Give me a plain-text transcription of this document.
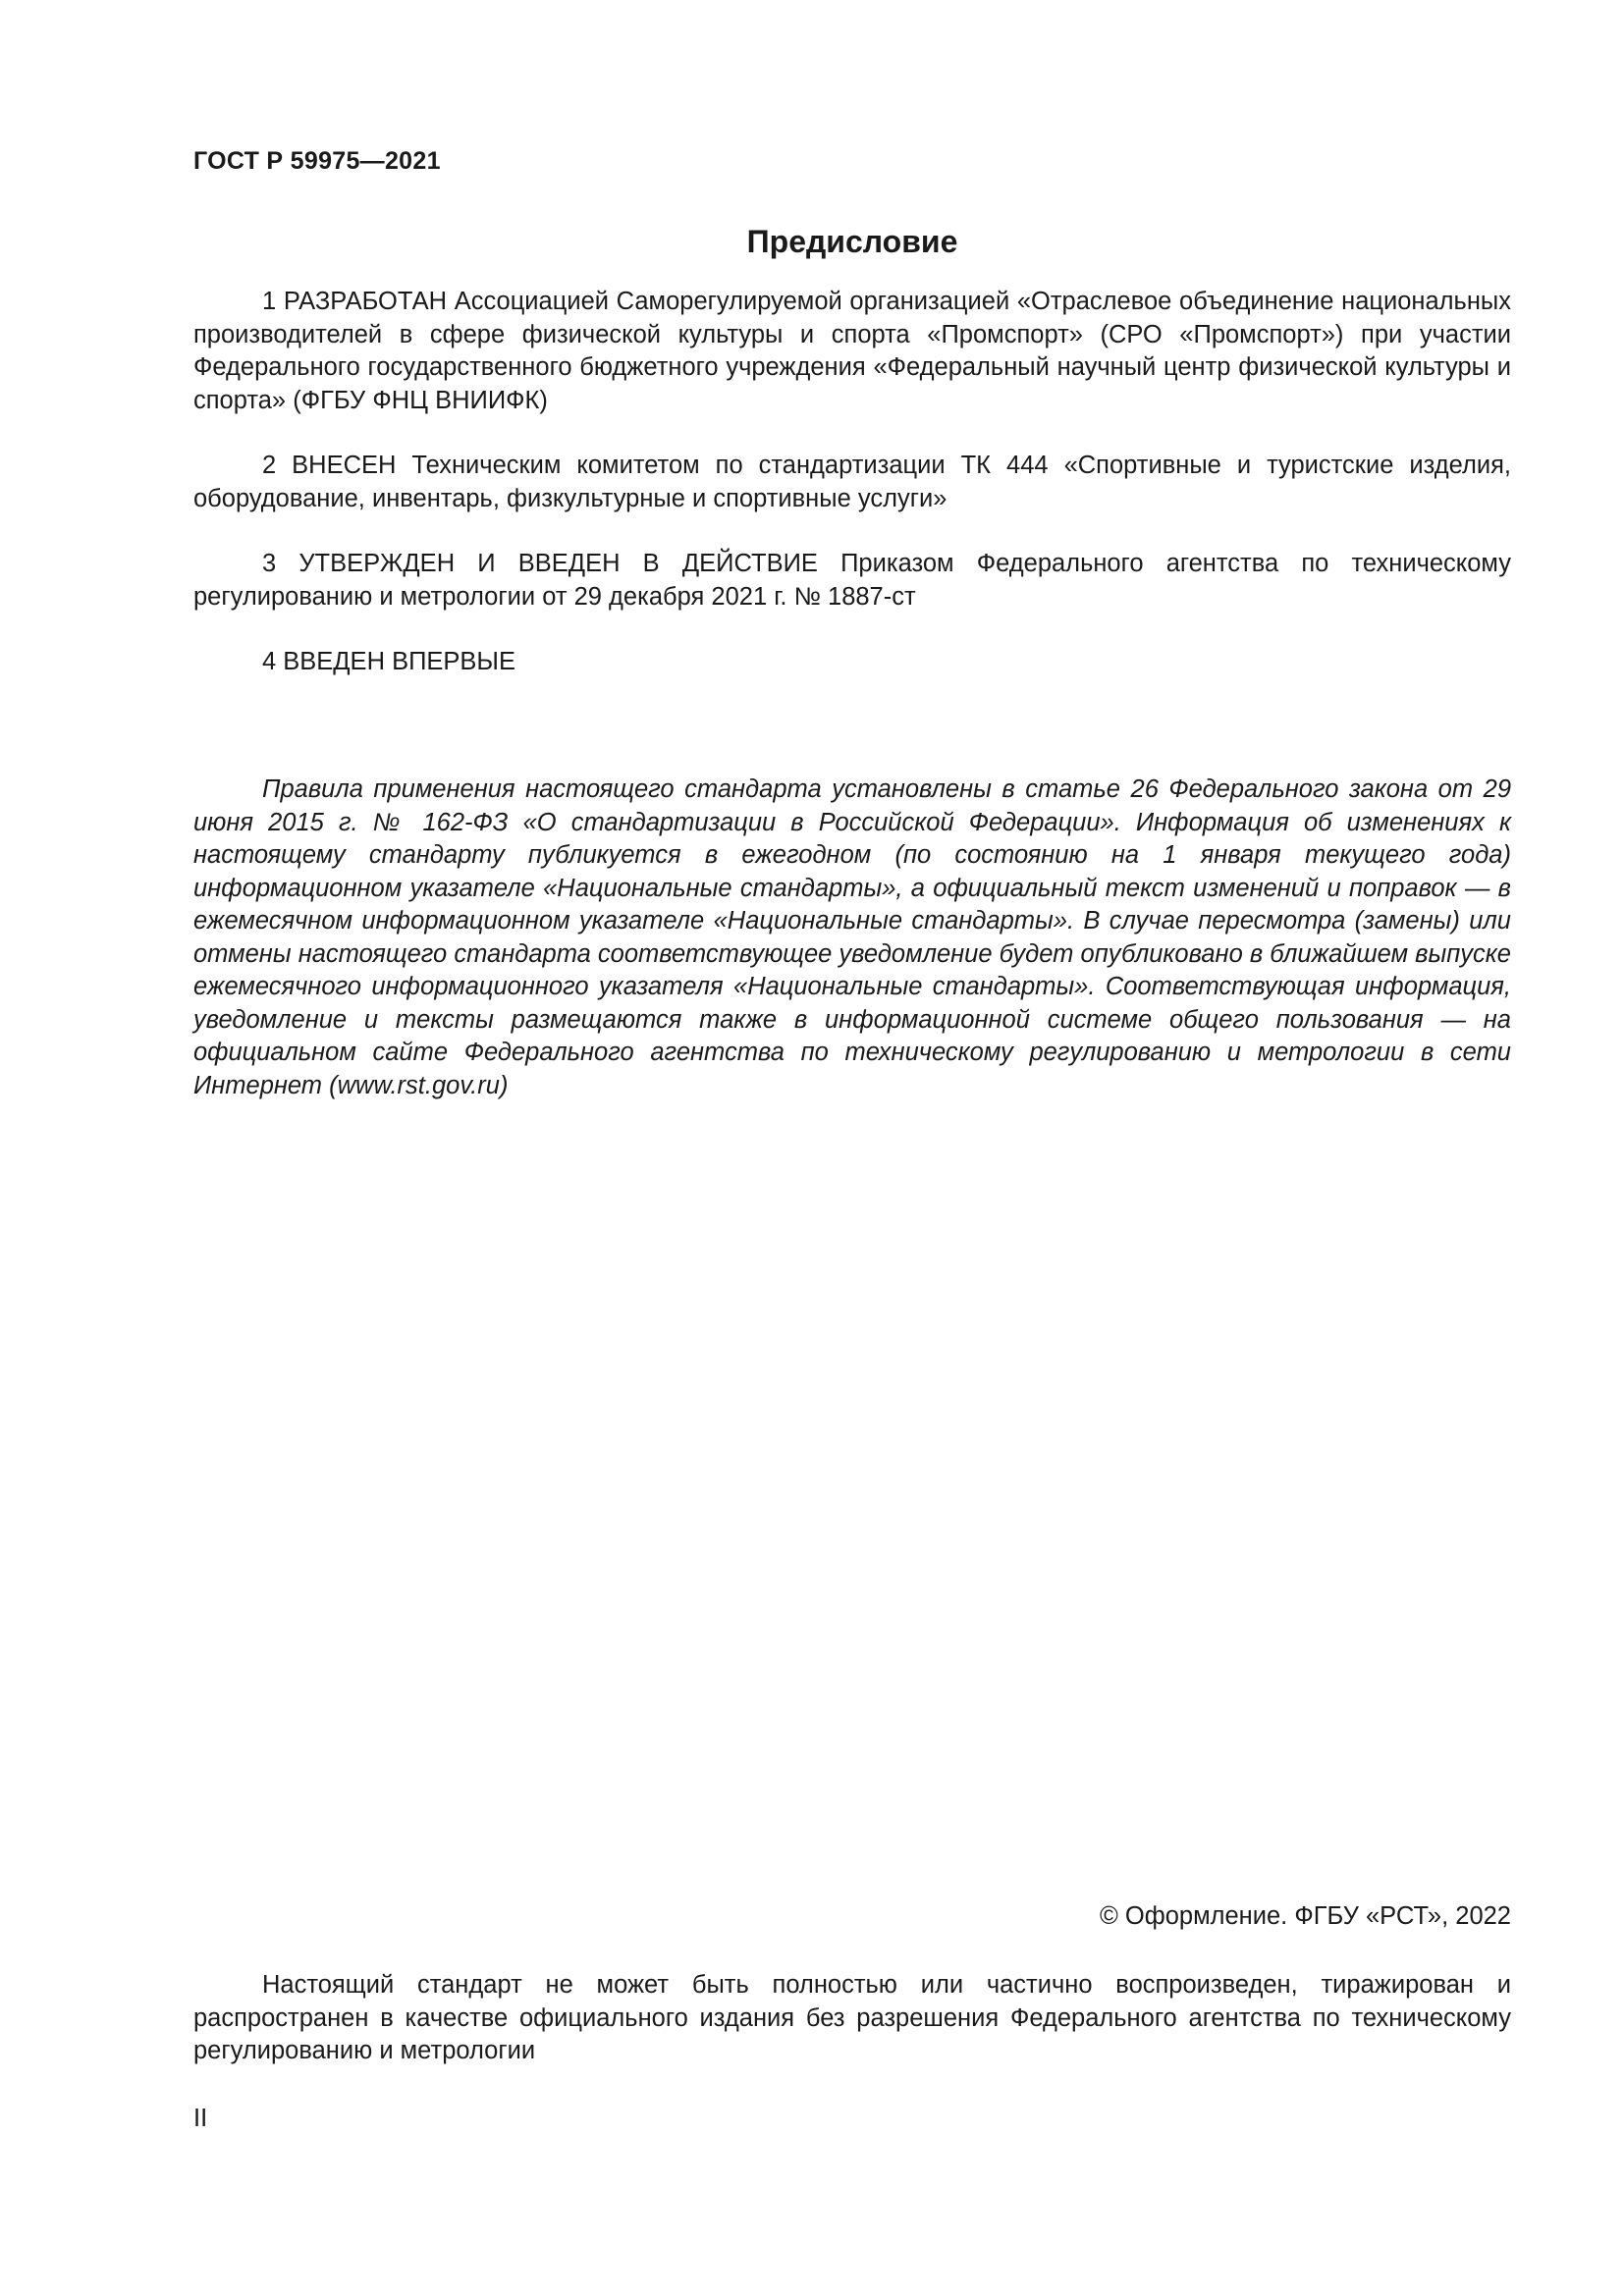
ГОСТ Р 59975—2021
Предисловие

1 РАЗРАБОТАН Ассоциацией Саморегулируемой организацией «Отраслевое объединение национальных производителей в сфере физической культуры и спорта «Промспорт» (СРО «Промспорт») при участии Федерального государственного бюджетного учреждения «Федеральный научный центр физической культуры и спорта» (ФГБУ ФНЦ ВНИИФК)

2 ВНЕСЕН Техническим комитетом по стандартизации ТК 444 «Спортивные и туристские изделия, оборудование, инвентарь, физкультурные и спортивные услуги»

3 УТВЕРЖДЕН И ВВЕДЕН В ДЕЙСТВИЕ Приказом Федерального агентства по техническому регулированию и метрологии от 29 декабря 2021 г. № 1887-ст

4 ВВЕДЕН ВПЕРВЫЕ

Правила применения настоящего стандарта установлены в статье 26 Федерального закона от 29 июня 2015 г. № 162-ФЗ «О стандартизации в Российской Федерации». Информация об изменениях к настоящему стандарту публикуется в ежегодном (по состоянию на 1 января текущего года) информационном указателе «Национальные стандарты», а официальный текст изменений и поправок — в ежемесячном информационном указателе «Национальные стандарты». В случае пересмотра (замены) или отмены настоящего стандарта соответствующее уведомление будет опубликовано в ближайшем выпуске ежемесячного информационного указателя «Национальные стандарты». Соответствующая информация, уведомление и тексты размещаются также в информационной системе общего пользования — на официальном сайте Федерального агентства по техническому регулированию и метрологии в сети Интернет (www.rst.gov.ru)
© Оформление. ФГБУ «РСТ», 2022
Настоящий стандарт не может быть полностью или частично воспроизведен, тиражирован и распространен в качестве официального издания без разрешения Федерального агентства по техническому регулированию и метрологии
II
